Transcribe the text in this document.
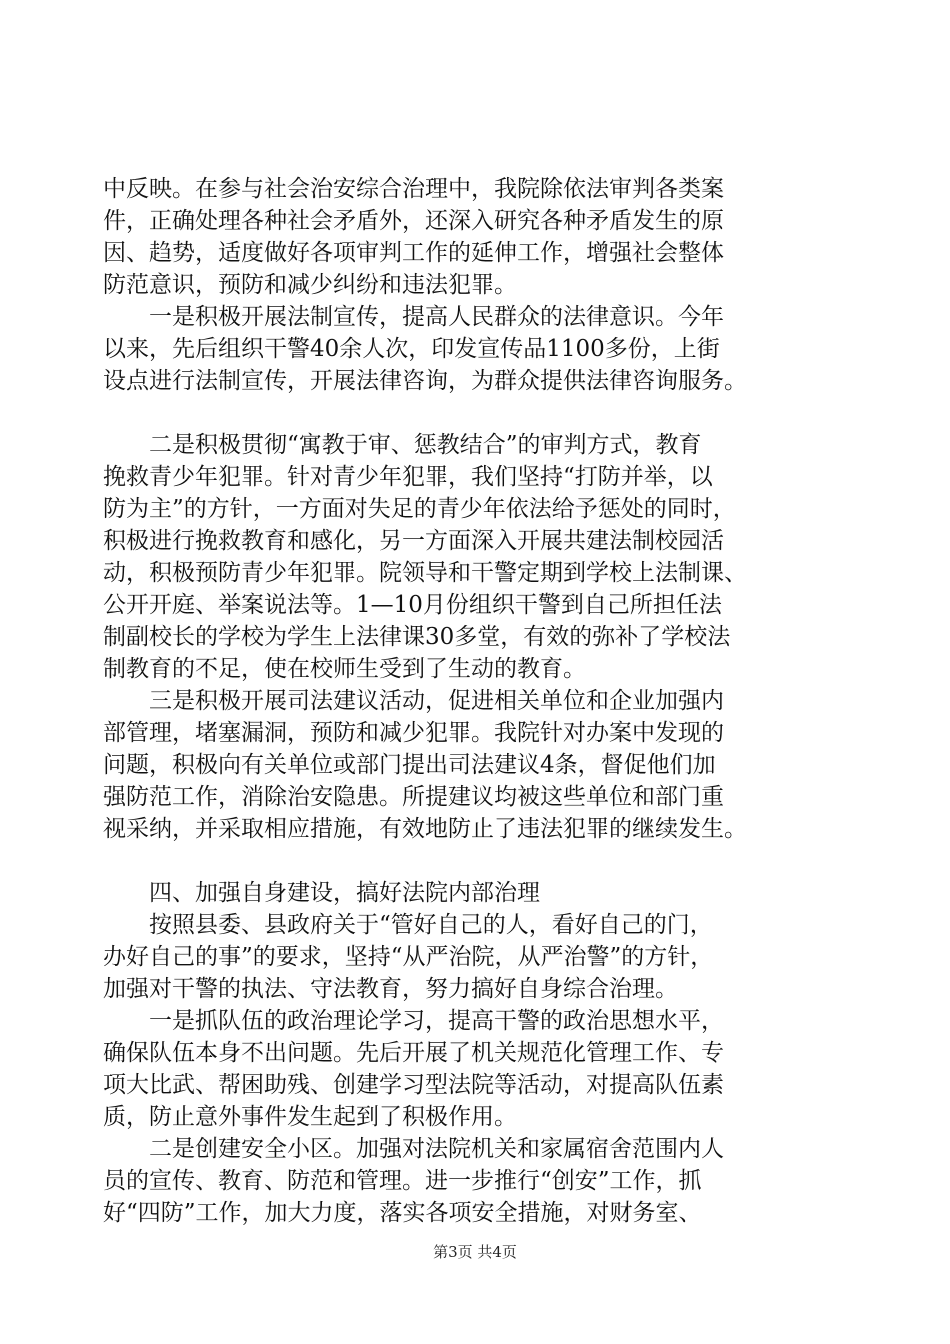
中反映。在参与社会治安综合治理中，我院除依法审判各类案
件，正确处理各种社会矛盾外，还深入研究各种矛盾发生的原
因、趋势，适度做好各项审判工作的延伸工作，增强社会整体
防范意识，预防和减少纠纷和违法犯罪。
一是积极开展法制宣传，提高人民群众的法律意识。今年
以来，先后组织干警40余人次，印发宣传品1100多份，上街
设点进行法制宣传，开展法律咨询，为群众提供法律咨询服务。
二是积极贯彻“寓教于审、惩教结合”的审判方式，教育
挽救青少年犯罪。针对青少年犯罪，我们坚持“打防并举，以
防为主”的方针，一方面对失足的青少年依法给予惩处的同时，
积极进行挽救教育和感化，另一方面深入开展共建法制校园活
动，积极预防青少年犯罪。院领导和干警定期到学校上法制课、
公开开庭、举案说法等。1—10月份组织干警到自己所担任法
制副校长的学校为学生上法律课30多堂，有效的弥补了学校法
制教育的不足，使在校师生受到了生动的教育。
三是积极开展司法建议活动，促进相关单位和企业加强内
部管理，堵塞漏洞，预防和减少犯罪。我院针对办案中发现的
问题，积极向有关单位或部门提出司法建议4条，督促他们加
强防范工作，消除治安隐患。所提建议均被这些单位和部门重
视采纳，并采取相应措施，有效地防止了违法犯罪的继续发生。
四、加强自身建设，搞好法院内部治理
按照县委、县政府关于“管好自己的人，看好自己的门，
办好自己的事”的要求，坚持“从严治院，从严治警”的方针，
加强对干警的执法、守法教育，努力搞好自身综合治理。
一是抓队伍的政治理论学习，提高干警的政治思想水平，
确保队伍本身不出问题。先后开展了机关规范化管理工作、专
项大比武、帮困助残、创建学习型法院等活动，对提高队伍素
质，防止意外事件发生起到了积极作用。
二是创建安全小区。加强对法院机关和家属宿舍范围内人
员的宣传、教育、防范和管理。进一步推行“创安”工作，抓
好“四防”工作，加大力度，落实各项安全措施，对财务室、
第3页 共4页
